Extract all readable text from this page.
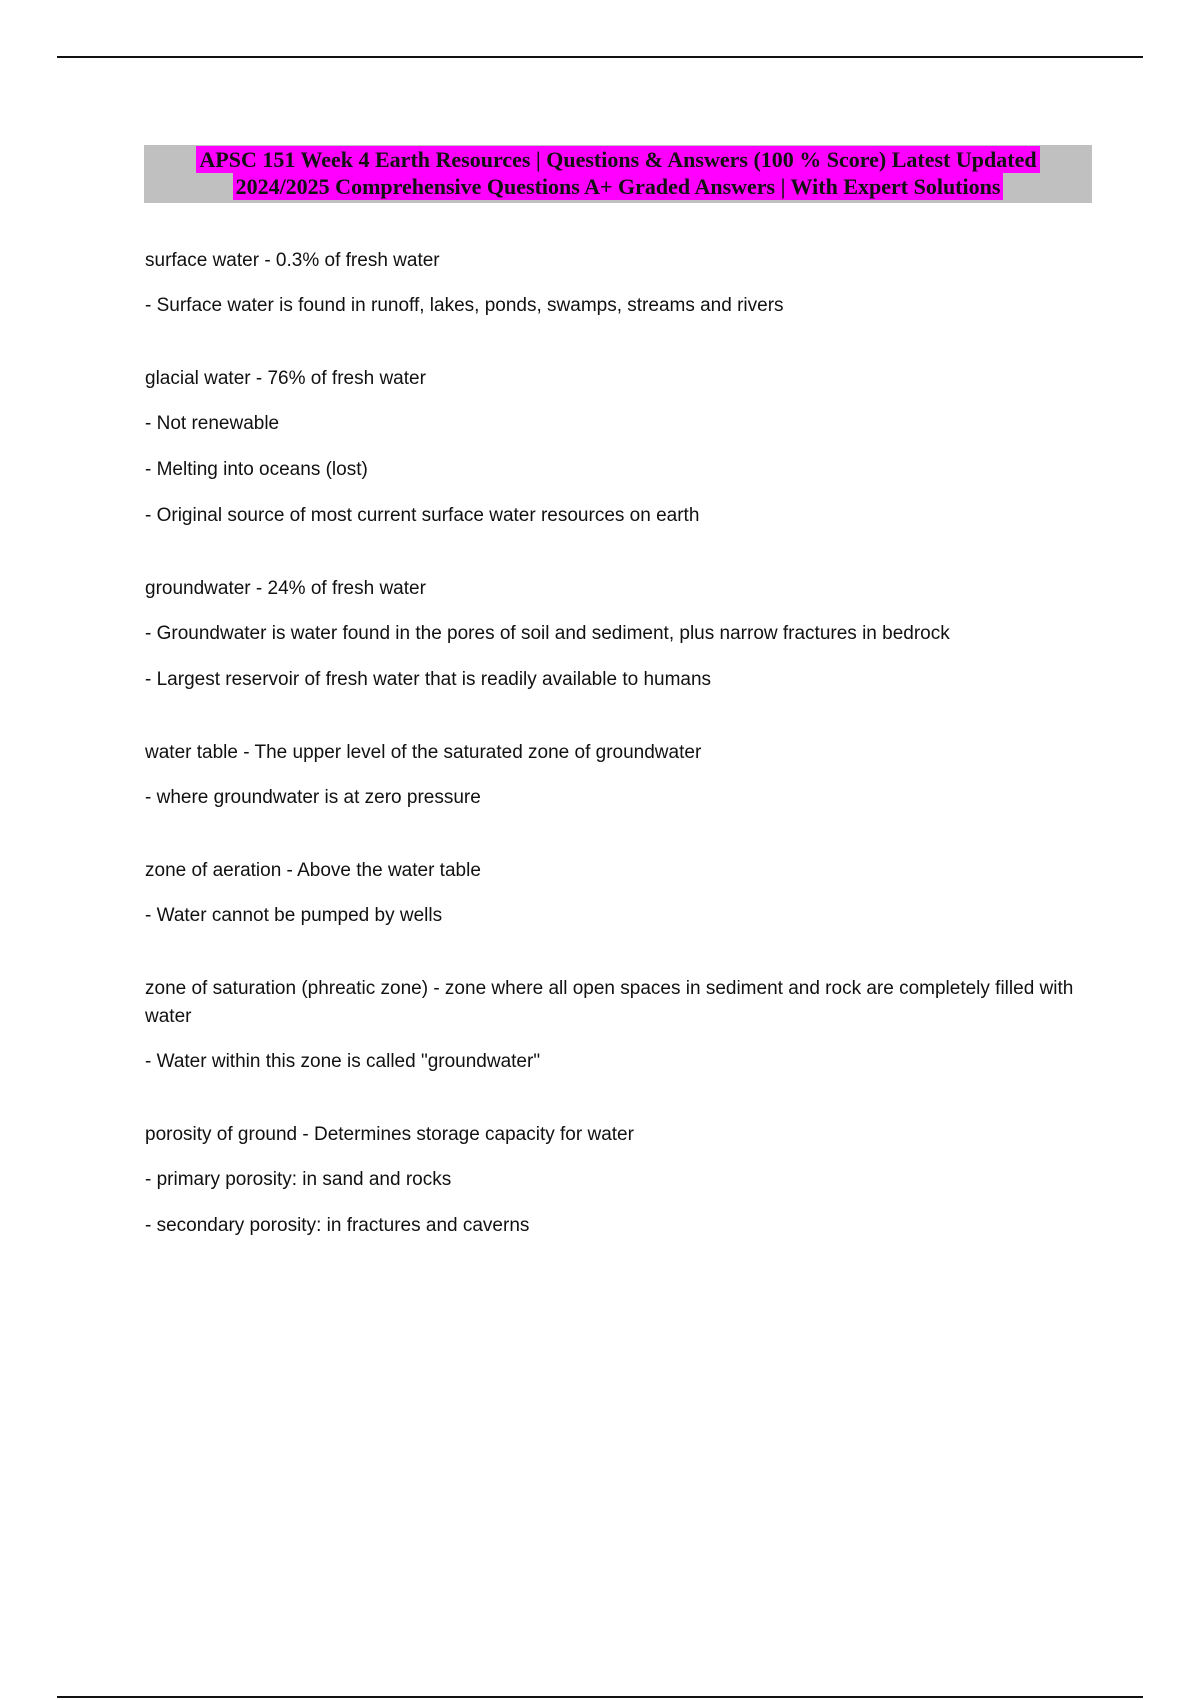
APSC 151 Week 4 Earth Resources | Questions & Answers (100 % Score) Latest Updated
2024/2025 Comprehensive Questions A+ Graded Answers | With Expert Solutions

surface water - 0.3% of fresh water

- Surface water is found in runoff, lakes, ponds, swamps, streams and rivers

glacial water - 76% of fresh water

- Not renewable

- Melting into oceans (lost)

- Original source of most current surface water resources on earth

groundwater - 24% of fresh water

- Groundwater is water found in the pores of soil and sediment, plus narrow fractures in bedrock

- Largest reservoir of fresh water that is readily available to humans

water table - The upper level of the saturated zone of groundwater

- where groundwater is at zero pressure

zone of aeration - Above the water table

- Water cannot be pumped by wells

zone of saturation (phreatic zone) - zone where all open spaces in sediment and rock are completely filled with water

- Water within this zone is called "groundwater"

porosity of ground - Determines storage capacity for water

- primary porosity: in sand and rocks

- secondary porosity: in fractures and caverns
